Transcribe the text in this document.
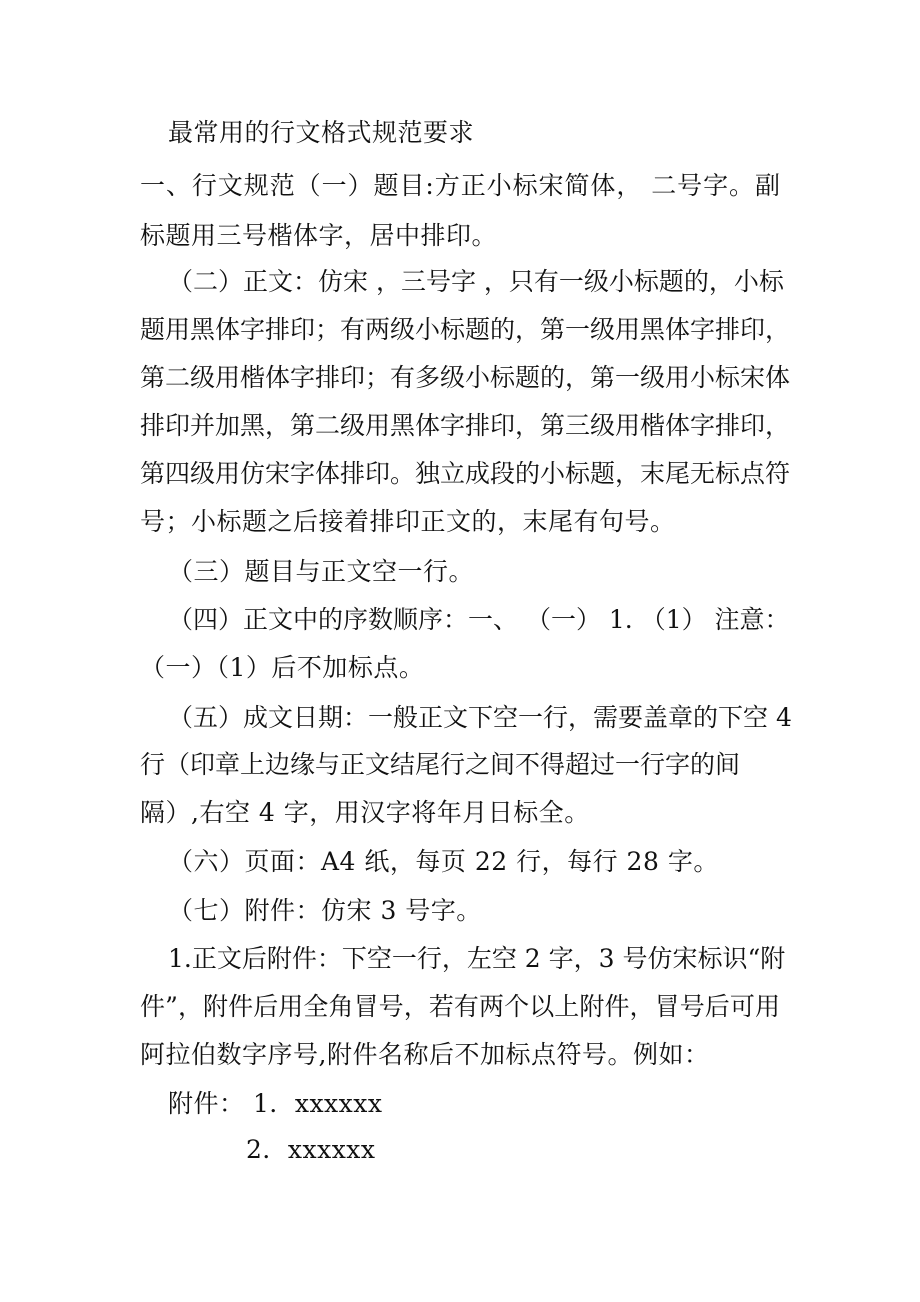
最常用的行文格式规范要求
一、行文规范（一）题目:方正小标宋简体， 二号字。副
标题用三号楷体字，居中排印。
（二）正文：仿宋 ，三号字 ，只有一级小标题的，小标
题用黑体字排印；有两级小标题的，第一级用黑体字排印，
第二级用楷体字排印；有多级小标题的，第一级用小标宋体
排印并加黑，第二级用黑体字排印，第三级用楷体字排印，
第四级用仿宋字体排印。独立成段的小标题，末尾无标点符
号；小标题之后接着排印正文的，末尾有句号。
（三）题目与正文空一行。
（四）正文中的序数顺序：一、 （一） 1. （1） 注意：
（一）（1）后不加标点。
（五）成文日期：一般正文下空一行，需要盖章的下空 4
行（印章上边缘与正文结尾行之间不得超过一行字的间
隔）,右空 4 字，用汉字将年月日标全。
（六）页面：A4 纸，每页 22 行，每行 28 字。
（七）附件：仿宋 3 号字。
1.正文后附件：下空一行，左空 2 字，3 号仿宋标识“附
件”，附件后用全角冒号，若有两个以上附件，冒号后可用
阿拉伯数字序号,附件名称后不加标点符号。例如：
附件： 1．xxxxxx
2．xxxxxx
